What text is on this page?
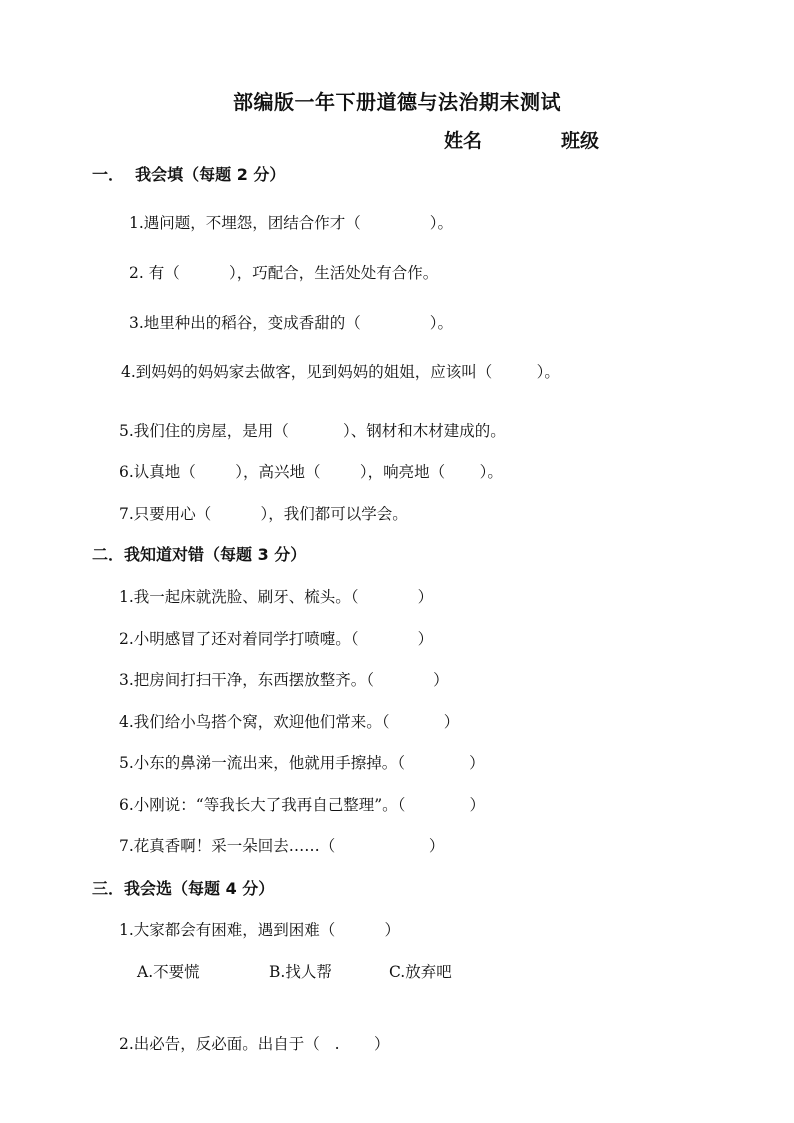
部编版一年下册道德与法治期末测试
姓名	班级
一．  我会填（每题 2 分）
1.遇问题，不埋怨，团结合作才（              ）。
2. 有（          ），巧配合，生活处处有合作。
3.地里种出的稻谷，变成香甜的（              ）。
4.到妈妈的妈妈家去做客，见到妈妈的姐姐，应该叫（         ）。
5.我们住的房屋，是用（           ）、钢材和木材建成的。
6.认真地（        ），高兴地（        ），响亮地（       ）。
7.只要用心（          ），我们都可以学会。
二．我知道对错（每题 3 分）
1.我一起床就洗脸、刷牙、梳头。（            ）
2.小明感冒了还对着同学打喷嚏。（            ）
3.把房间打扫干净，东西摆放整齐。（            ）
4.我们给小鸟搭个窝，欢迎他们常来。（           ）
5.小东的鼻涕一流出来，他就用手擦掉。（             ）
6.小刚说：“等我长大了我再自己整理”。（             ）
7.花真香啊！采一朵回去……（                   ）
三．我会选（每题 4 分）
1.大家都会有困难，遇到困难（          ）
A.不要慌	B.找人帮	C.放弃吧
2.出必告，反必面。出自于（   .       ）
